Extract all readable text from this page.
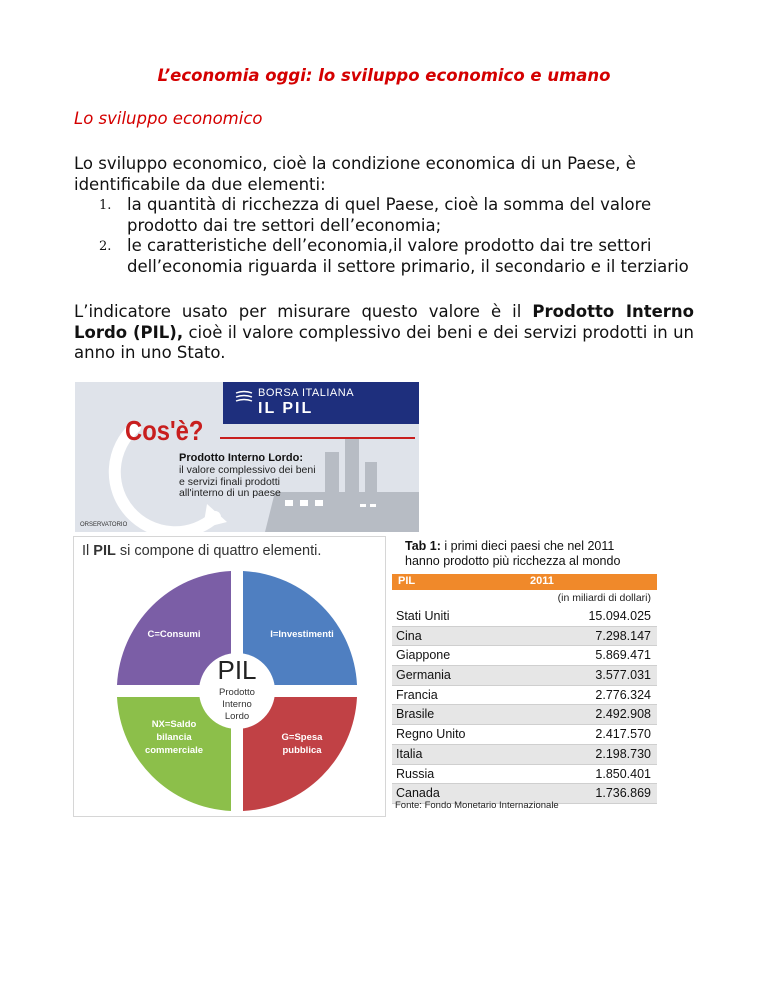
L’economia oggi: lo sviluppo economico e umano
Lo sviluppo economico
Lo sviluppo economico, cioè la condizione economica di un Paese, è identificabile da due elementi:
1. la quantità di ricchezza di quel Paese, cioè la somma del valore prodotto dai tre settori dell’economia;
2. le caratteristiche dell’economia,il valore prodotto dai tre settori dell’economia riguarda il settore primario, il secondario e il terziario
L’indicatore usato per misurare questo valore è il Prodotto Interno Lordo (PIL), cioè il valore complessivo dei beni e dei servizi prodotti in un anno in uno Stato.
BORSA ITALIANA
IL PIL
Cos'è?
Prodotto Interno Lordo:
il valore complessivo dei beni e servizi finali prodotti all'interno di un paese
ORSERVATORIO
Il PIL si compone di quattro elementi.
PIL
Prodotto
Interno
Lordo
C=Consumi	I=Investimenti
NX=Saldo
bilancia
commerciale
G=Spesa
pubblica
Tab 1: i primi dieci paesi che nel 2011
hanno prodotto più ricchezza al mondo
PIL	2011
(in miliardi di dollari)
Stati Uniti	15.094.025
Cina	7.298.147
Giappone	5.869.471
Germania	3.577.031
Francia	2.776.324
Brasile	2.492.908
Regno Unito	2.417.570
Italia	2.198.730
Russia	1.850.401
Canada	1.736.869
Fonte: Fondo Monetario Internazionale
